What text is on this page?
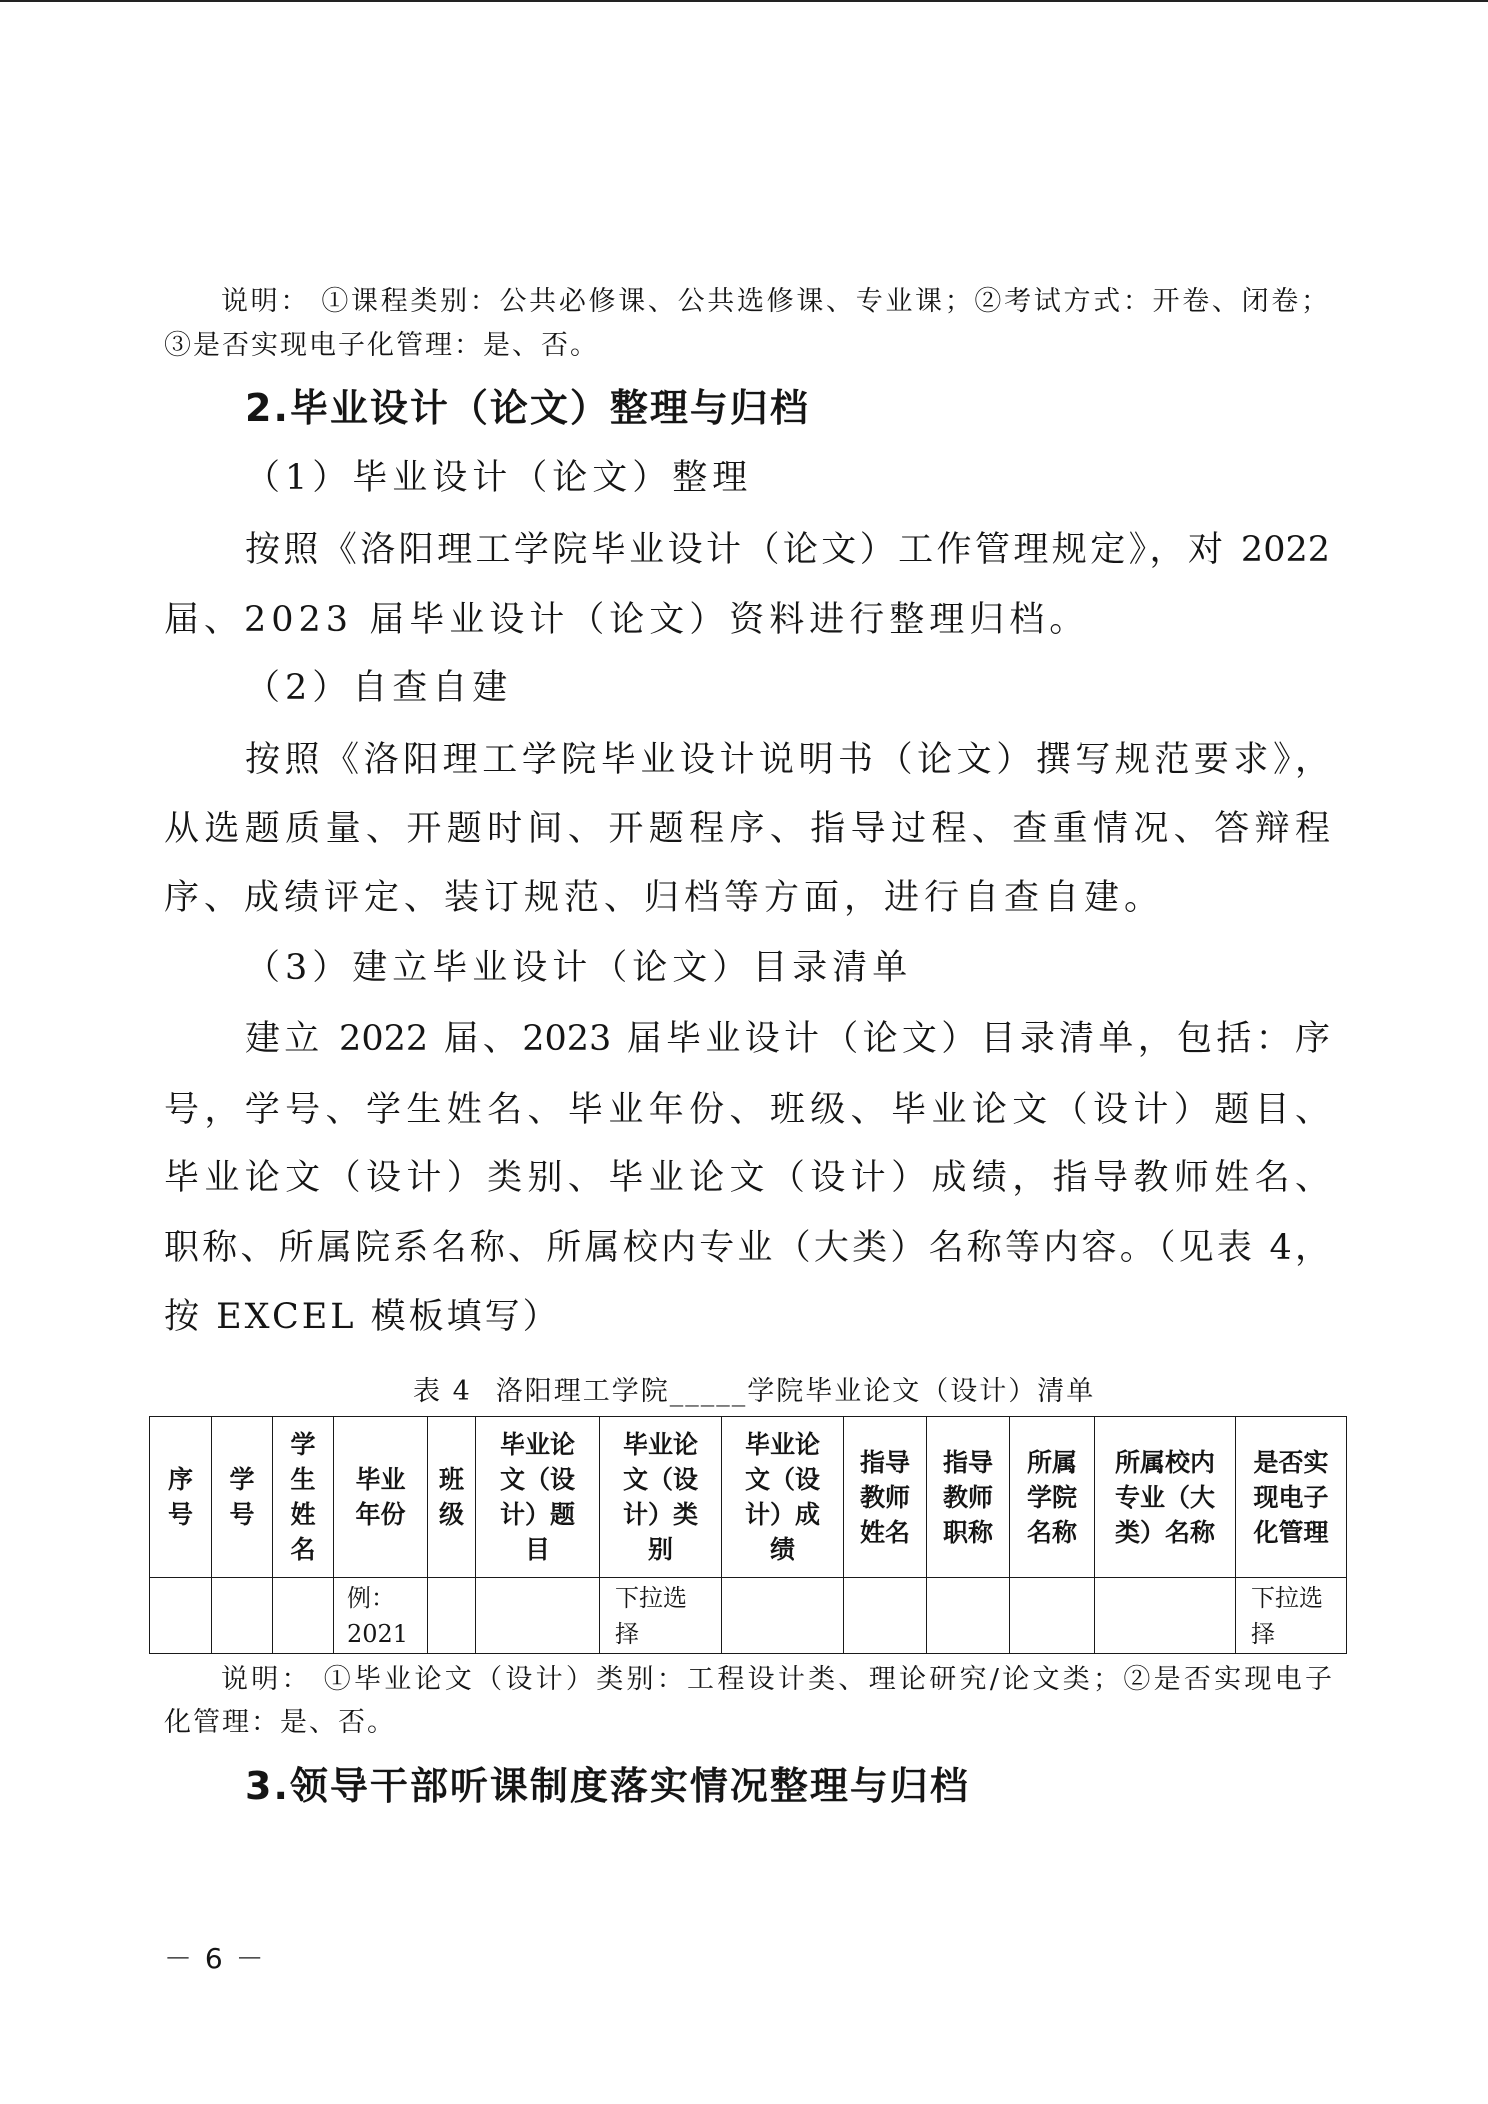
说明： ①课程类别：公共必修课、公共选修课、专业课；②考试方式：开卷、闭卷；
③是否实现电子化管理：是、否。
2.毕业设计（论文）整理与归档
（1）毕业设计（论文）整理
按照《洛阳理工学院毕业设计（论文）工作管理规定》，对 2022
届、2023 届毕业设计（论文）资料进行整理归档。
（2）自查自建
按照《洛阳理工学院毕业设计说明书（论文）撰写规范要求》，
从选题质量、开题时间、开题程序、指导过程、查重情况、答辩程
序、成绩评定、装订规范、归档等方面，进行自查自建。
（3）建立毕业设计（论文）目录清单
建立 2022 届、2023 届毕业设计（论文）目录清单，包括：序
号，学号、学生姓名、毕业年份、班级、毕业论文（设计）题目、
毕业论文（设计）类别、毕业论文（设计）成绩，指导教师姓名、
职称、所属院系名称、所属校内专业（大类）名称等内容。（见表 4，
按 EXCEL 模板填写）
表 4 洛阳理工学院_____学院毕业论文（设计）清单
序号	学号	学生姓名	毕业年份	班级	毕业论文（设计）题目	毕业论文（设计）类别	毕业论文（设计）成绩	指导教师姓名	指导教师职称	所属学院名称	所属校内专业（大类）名称	是否实现电子化管理

			例：2021			下拉选择						下拉选择
说明： ①毕业论文（设计）类别：工程设计类、理论研究/论文类；②是否实现电子
化管理：是、否。
3.领导干部听课制度落实情况整理与归档
－ 6 －
